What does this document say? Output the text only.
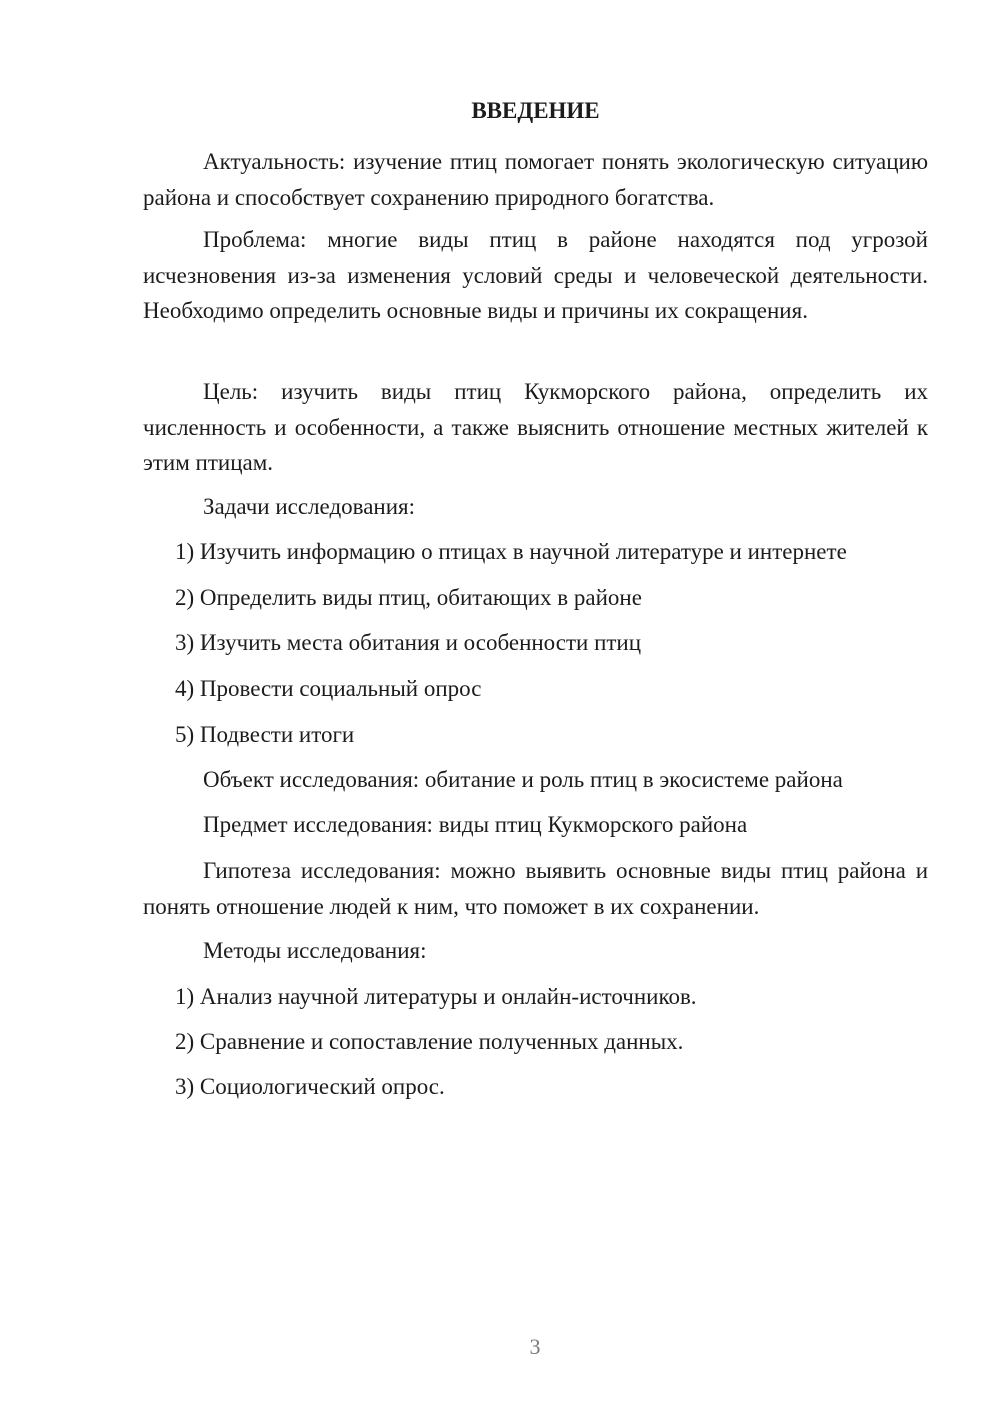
ВВЕДЕНИЕ

Актуальность: изучение птиц помогает понять экологическую ситуацию района и способствует сохранению природного богатства.

Проблема: многие виды птиц в районе находятся под угрозой исчезновения из-за изменения условий среды и человеческой деятельности. Необходимо определить основные виды и причины их сокращения.

Цель: изучить виды птиц Кукморского района, определить их численность и особенности, а также выяснить отношение местных жителей к этим птицам.

Задачи исследования:

1) Изучить информацию о птицах в научной литературе и интернете

2) Определить виды птиц, обитающих в районе

3) Изучить места обитания и особенности птиц

4) Провести социальный опрос

5) Подвести итоги

Объект исследования: обитание и роль птиц в экосистеме района

Предмет исследования: виды птиц Кукморского района

Гипотеза исследования: можно выявить основные виды птиц района и понять отношение людей к ним, что поможет в их сохранении.

Методы исследования:

1) Анализ научной литературы и онлайн-источников.

2) Сравнение и сопоставление полученных данных.

3) Социологический опрос.

3
